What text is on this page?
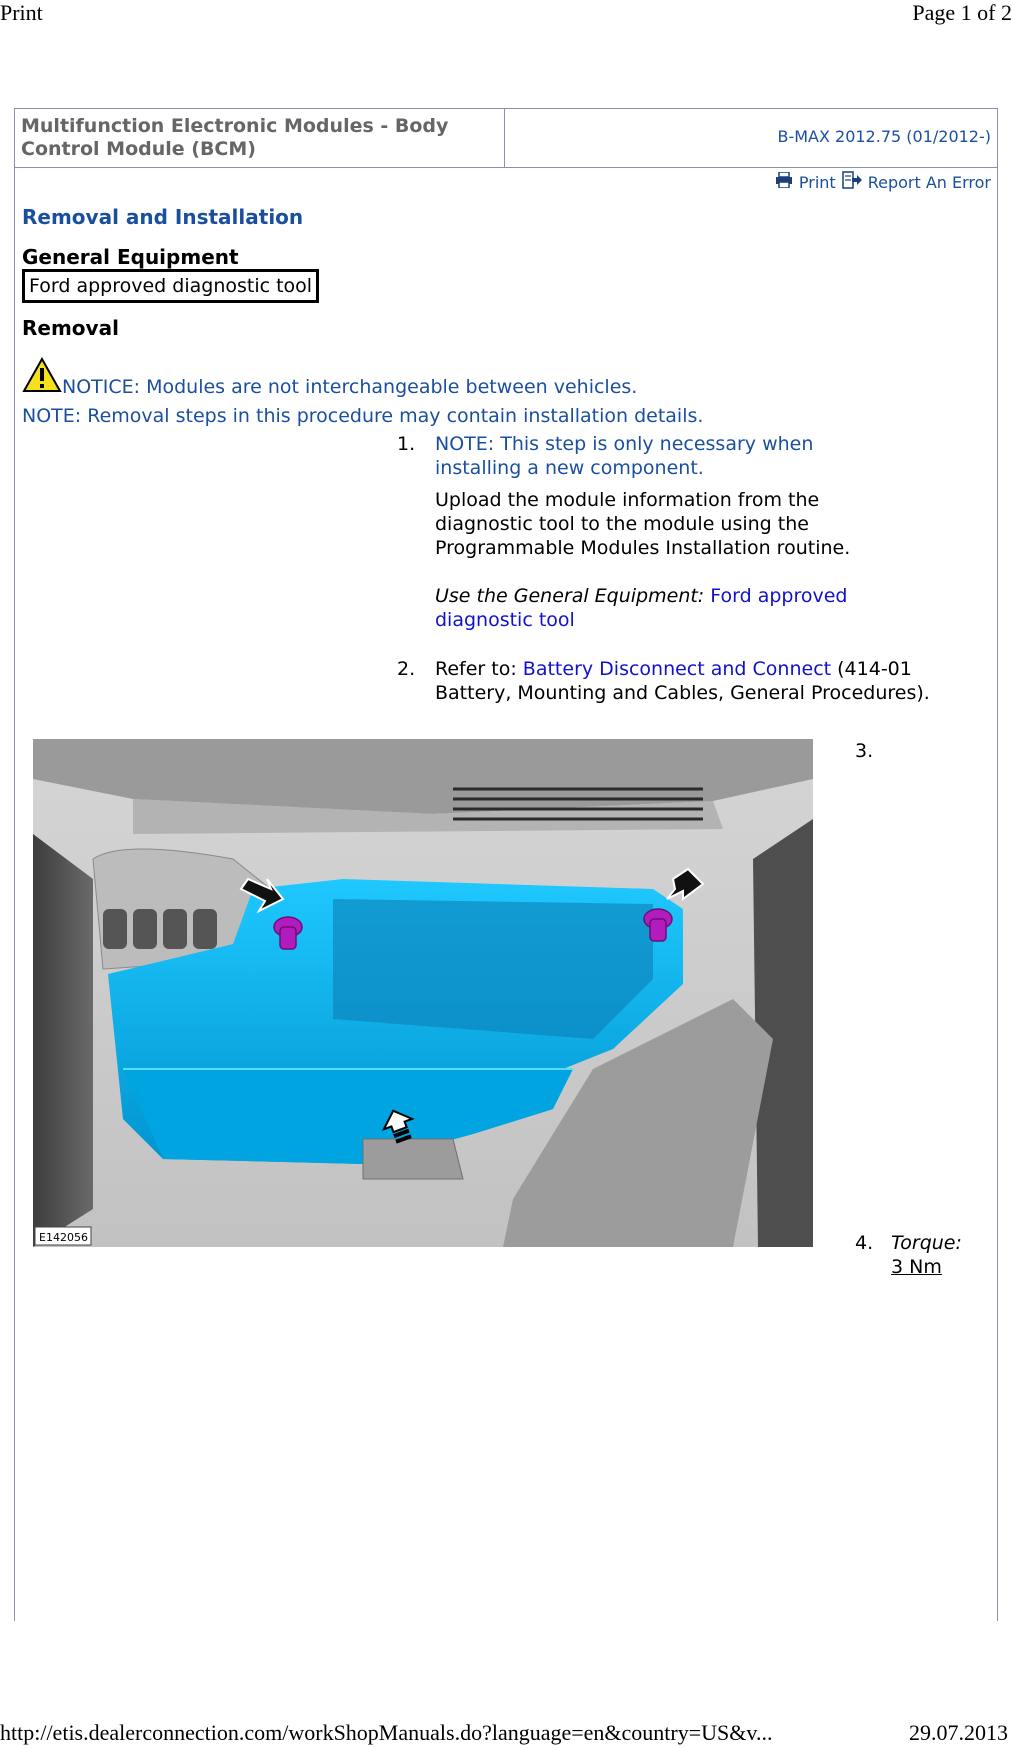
Print	Page 1 of 2
Multifunction Electronic Modules - Body Control Module (BCM)
B-MAX 2012.75 (01/2012-)
Print Report An Error
Removal and Installation
General Equipment
Ford approved diagnostic tool
Removal
NOTICE: Modules are not interchangeable between vehicles.
NOTE: Removal steps in this procedure may contain installation details.
1. NOTE: This step is only necessary when installing a new component.
Upload the module information from the diagnostic tool to the module using the Programmable Modules Installation routine.
Use the General Equipment: Ford approved diagnostic tool
2. Refer to: Battery Disconnect and Connect (414-01 Battery, Mounting and Cables, General Procedures).
E142056
3.
4. Torque:
3 Nm
http://etis.dealerconnection.com/workShopManuals.do?language=en&country=US&v...	29.07.2013
